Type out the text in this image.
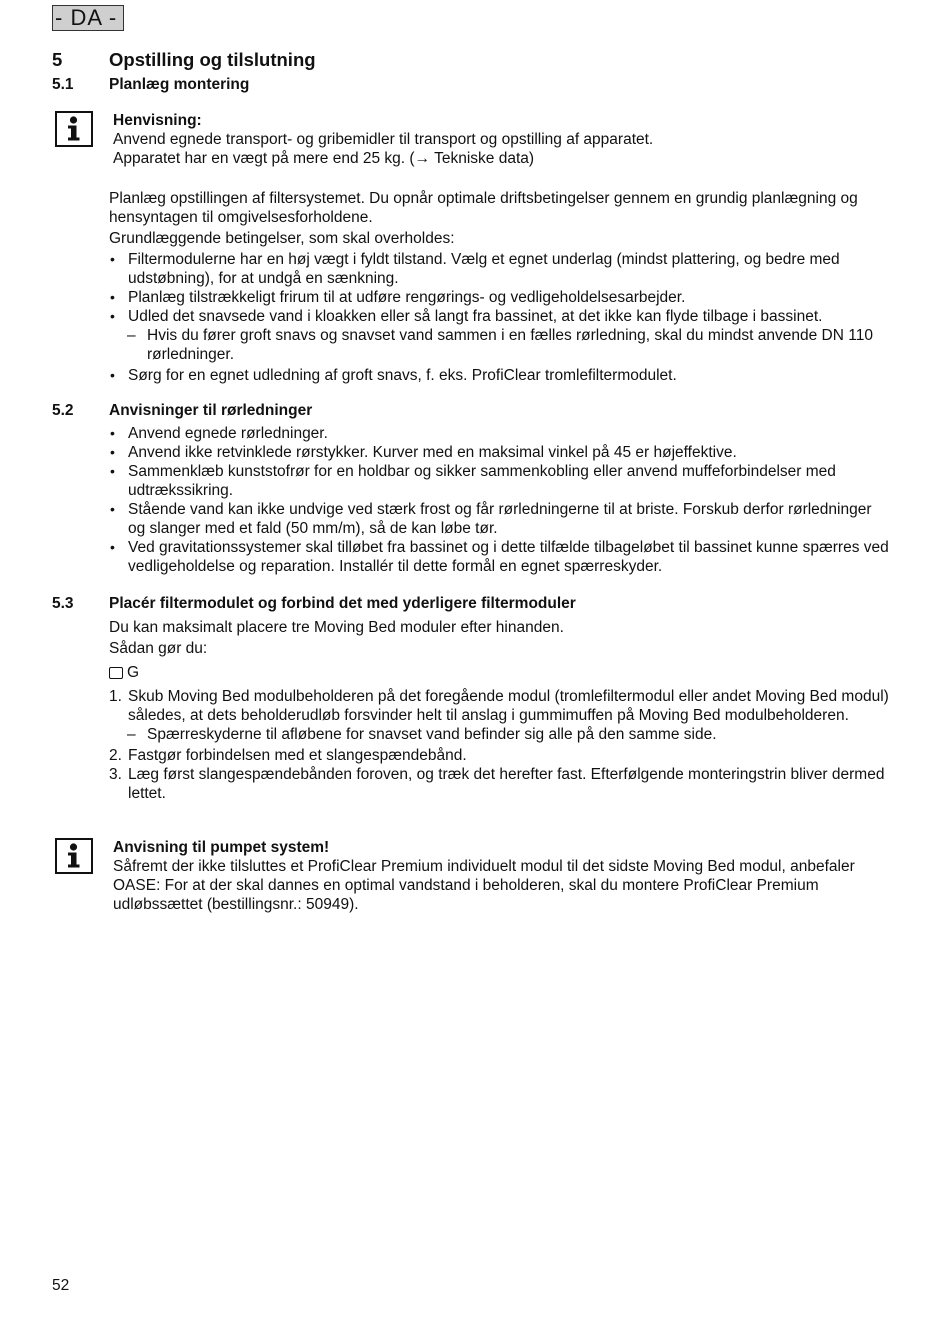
- DA -
5	Opstilling og tilslutning
5.1 Planlæg montering

Henvisning:

Anvend egnede transport- og gribemidler til transport og opstilling af apparatet.

Apparatet har en vægt på mere end 25 kg. (→ Tekniske data)

Planlæg opstillingen af filtersystemet. Du opnår optimale driftsbetingelser gennem en grundig planlægning og hensyntagen til omgivelsesforholdene.

Grundlæggende betingelser, som skal overholdes:

• Filtermodulerne har en høj vægt i fyldt tilstand. Vælg et egnet underlag (mindst plattering, og bedre med udstøbning), for at undgå en sænkning.
• Planlæg tilstrækkeligt frirum til at udføre rengørings- og vedligeholdelsesarbejder.
• Udled det snavsede vand i kloakken eller så langt fra bassinet, at det ikke kan flyde tilbage i bassinet.
– Hvis du fører groft snavs og snavset vand sammen i en fælles rørledning, skal du mindst anvende DN 110 rørledninger.
• Sørg for en egnet udledning af groft snavs, f. eks. ProfiClear tromlefiltermodulet.
5.2 Anvisninger til rørledninger
• Anvend egnede rørledninger.
• Anvend ikke retvinklede rørstykker. Kurver med en maksimal vinkel på 45 er højeffektive.
• Sammenklæb kunststofrør for en holdbar og sikker sammenkobling eller anvend muffeforbindelser med udtrækssikring.
• Stående vand kan ikke undvige ved stærk frost og får rørledningerne til at briste. Forskub derfor rørledninger og slanger med et fald (50 mm/m), så de kan løbe tør.
• Ved gravitationssystemer skal tilløbet fra bassinet og i dette tilfælde tilbageløbet til bassinet kunne spærres ved vedligeholdelse og reparation. Installér til dette formål en egnet spærreskyder.
5.3 Placér filtermodulet og forbind det med yderligere filtermoduler

Du kan maksimalt placere tre Moving Bed moduler efter hinanden.

Sådan gør du:

G
1. Skub Moving Bed modulbeholderen på det foregående modul (tromlefiltermodul eller andet Moving Bed modul) således, at dets beholderudløb forsvinder helt til anslag i gummimuffen på Moving Bed modulbeholderen.
– Spærreskyderne til afløbene for snavset vand befinder sig alle på den samme side.
2. Fastgør forbindelsen med et slangespændebånd.
3. Læg først slangespændebånden foroven, og træk det herefter fast. Efterfølgende monteringstrin bliver dermed lettet.

Anvisning til pumpet system!

Såfremt der ikke tilsluttes et ProfiClear Premium individuelt modul til det sidste Moving Bed modul, anbefaler OASE: For at der skal dannes en optimal vandstand i beholderen, skal du montere ProfiClear Premium udløbssættet (bestillingsnr.: 50949).

52
